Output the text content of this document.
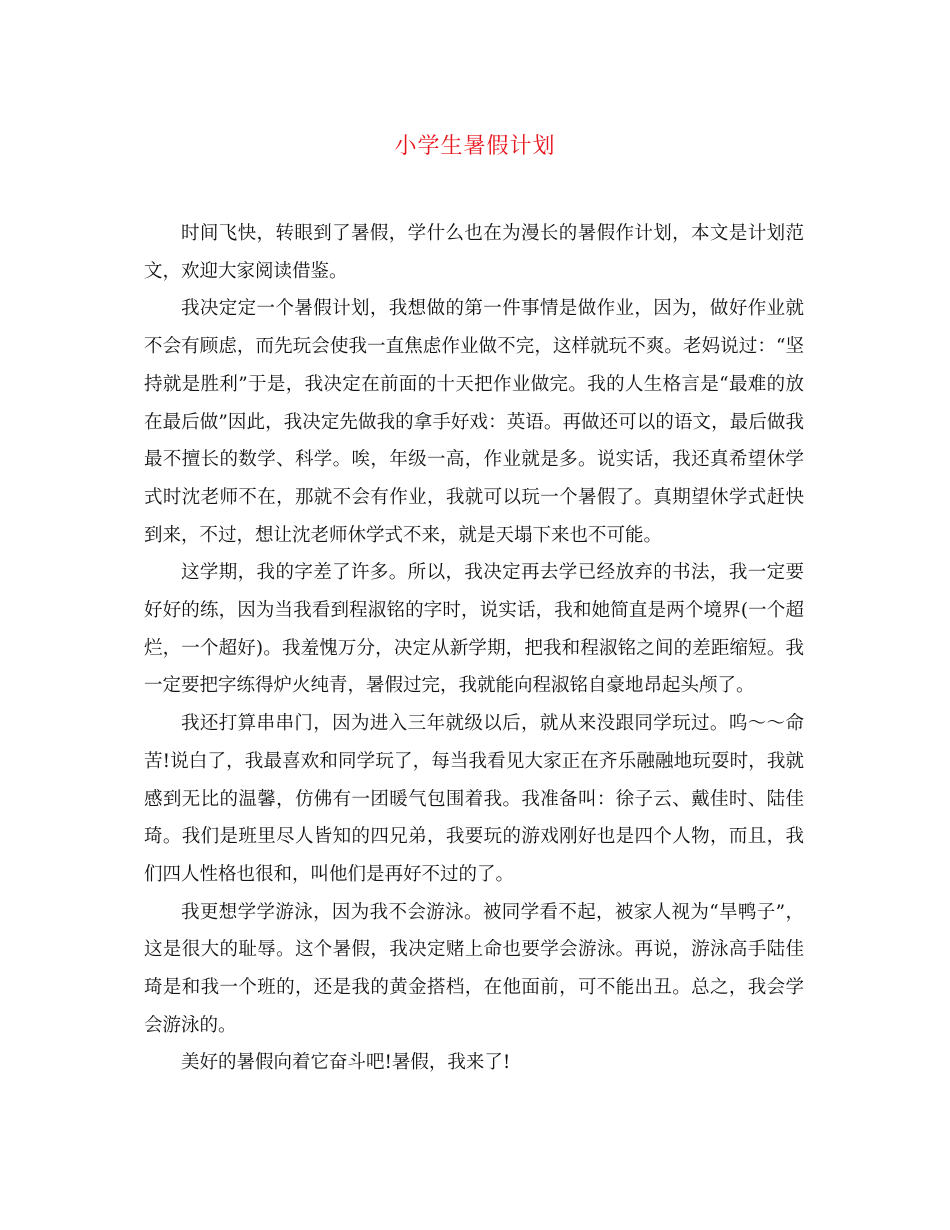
小学生暑假计划

时间飞快，转眼到了暑假，学什么也在为漫长的暑假作计划，本文是计划范文，欢迎大家阅读借鉴。

我决定定一个暑假计划，我想做的第一件事情是做作业，因为，做好作业就不会有顾虑，而先玩会使我一直焦虑作业做不完，这样就玩不爽。老妈说过：“坚持就是胜利”于是，我决定在前面的十天把作业做完。我的人生格言是“最难的放在最后做”因此，我决定先做我的拿手好戏：英语。再做还可以的语文，最后做我最不擅长的数学、科学。唉，年级一高，作业就是多。说实话，我还真希望休学式时沈老师不在，那就不会有作业，我就可以玩一个暑假了。真期望休学式赶快到来，不过，想让沈老师休学式不来，就是天塌下来也不可能。

这学期，我的字差了许多。所以，我决定再去学已经放弃的书法，我一定要好好的练，因为当我看到程淑铭的字时，说实话，我和她简直是两个境界(一个超烂，一个超好)。我羞愧万分，决定从新学期，把我和程淑铭之间的差距缩短。我一定要把字练得炉火纯青，暑假过完，我就能向程淑铭自豪地昂起头颅了。

我还打算串串门，因为进入三年就级以后，就从来没跟同学玩过。呜～～命苦!说白了，我最喜欢和同学玩了，每当我看见大家正在齐乐融融地玩耍时，我就感到无比的温馨，仿佛有一团暖气包围着我。我准备叫：徐子云、戴佳时、陆佳琦。我们是班里尽人皆知的四兄弟，我要玩的游戏刚好也是四个人物，而且，我们四人性格也很和，叫他们是再好不过的了。

我更想学学游泳，因为我不会游泳。被同学看不起，被家人视为“旱鸭子”，这是很大的耻辱。这个暑假，我决定赌上命也要学会游泳。再说，游泳高手陆佳琦是和我一个班的，还是我的黄金搭档，在他面前，可不能出丑。总之，我会学会游泳的。

美好的暑假向着它奋斗吧!暑假，我来了!
